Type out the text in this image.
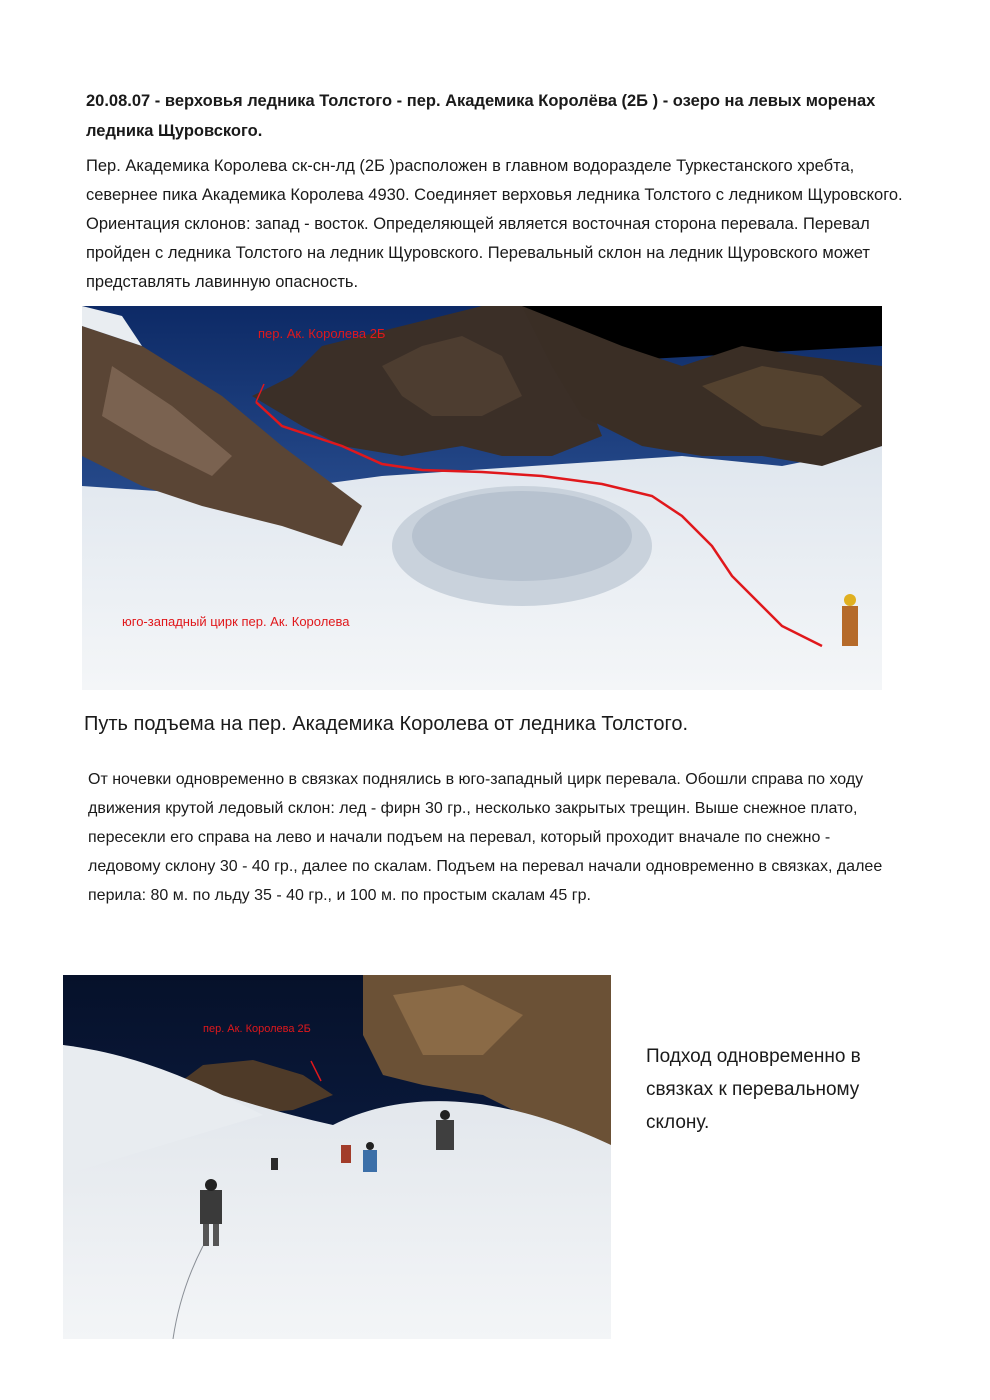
20.08.07 - верховья ледника Толстого - пер. Академика Королёва (2Б ) - озеро на левых моренах ледника Щуровского.
Пер. Академика Королева ск-сн-лд (2Б )расположен в главном водоразделе Туркестанского хребта, севернее пика Академика Королева 4930. Соединяет верховья ледника Толстого с ледником Щуровского. Ориентация склонов: запад - восток. Определяющей является восточная сторона перевала. Перевал пройден с ледника Толстого на ледник Щуровского. Перевальный склон на ледник Щуровского может представлять лавинную опасность.
пер. Ак. Королева 2Б
юго-западный цирк пер. Ак. Королева
Путь подъема на пер. Академика Королева от ледника Толстого.
От ночевки одновременно в связках поднялись в юго-западный цирк перевала. Обошли справа по ходу движения крутой ледовый склон: лед - фирн 30 гр., несколько закрытых трещин. Выше снежное плато, пересекли его справа на лево и начали подъем на перевал, который проходит вначале по снежно - ледовому склону 30 - 40 гр., далее по скалам. Подъем на перевал начали одновременно в связках, далее перила: 80 м. по льду 35 - 40 гр., и 100 м. по простым скалам 45 гр.
пер. Ак. Королева 2Б
Подход одновременно в связках к перевальному склону.
